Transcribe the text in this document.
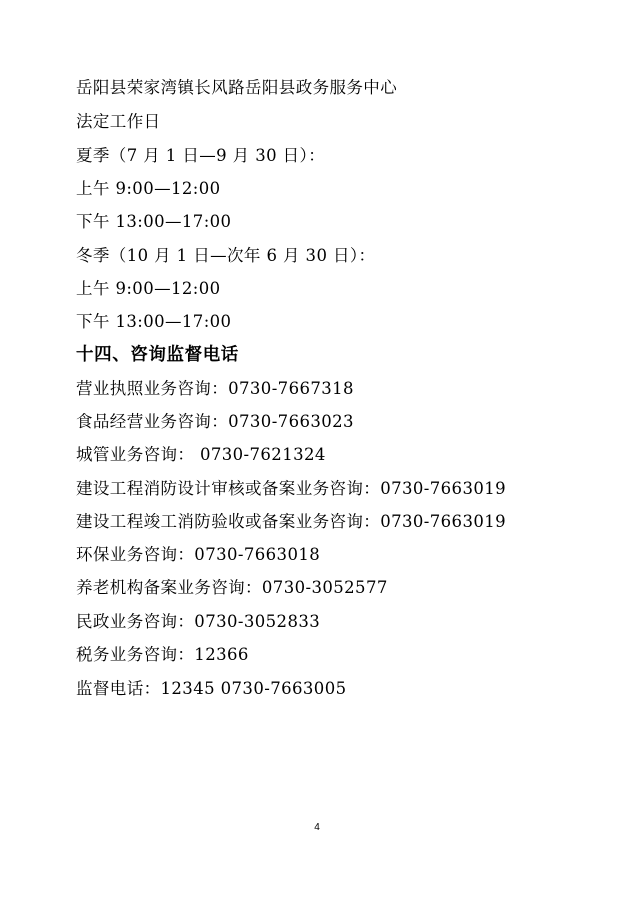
岳阳县荣家湾镇长风路岳阳县政务服务中心

法定工作日

夏季（7 月 1 日—9 月 30 日）：

上午 9:00—12:00

下午 13:00—17:00

冬季（10 月 1 日—次年 6 月 30 日）：

上午 9:00—12:00

下午 13:00—17:00

十四、咨询监督电话

营业执照业务咨询：0730-7667318

食品经营业务咨询：0730-7663023

城管业务咨询： 0730-7621324

建设工程消防设计审核或备案业务咨询：0730-7663019

建设工程竣工消防验收或备案业务咨询：0730-7663019

环保业务咨询：0730-7663018

养老机构备案业务咨询：0730-3052577

民政业务咨询：0730-3052833

税务业务咨询：12366

监督电话：12345 0730-7663005

4
